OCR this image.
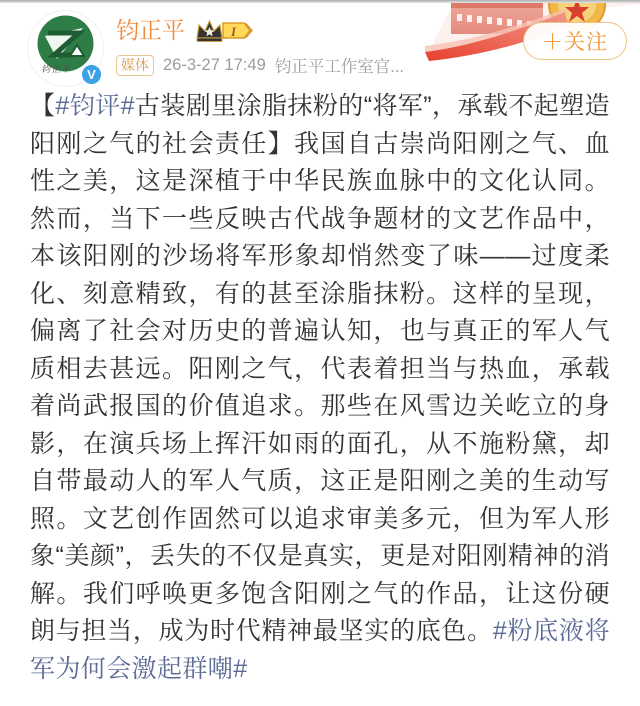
＋关注
钧正平	V
钧正平	I
媒体 26-3-27 17:49 钧正平工作室官...
【#钧评#古装剧里涂脂抹粉的“将军”，承载不起塑造阳刚之气的社会责任】我国自古崇尚阳刚之气、血性之美，这是深植于中华民族血脉中的文化认同。然而，当下一些反映古代战争题材的文艺作品中，本该阳刚的沙场将军形象却悄然变了味——过度柔化、刻意精致，有的甚至涂脂抹粉。这样的呈现，偏离了社会对历史的普遍认知，也与真正的军人气质相去甚远。阳刚之气，代表着担当与热血，承载着尚武报国的价值追求。那些在风雪边关屹立的身影，在演兵场上挥汗如雨的面孔，从不施粉黛，却自带最动人的军人气质，这正是阳刚之美的生动写照。文艺创作固然可以追求审美多元，但为军人形象“美颜”，丢失的不仅是真实，更是对阳刚精神的消解。我们呼唤更多饱含阳刚之气的作品，让这份硬朗与担当，成为时代精神最坚实的底色。#粉底液将军为何会激起群嘲#
